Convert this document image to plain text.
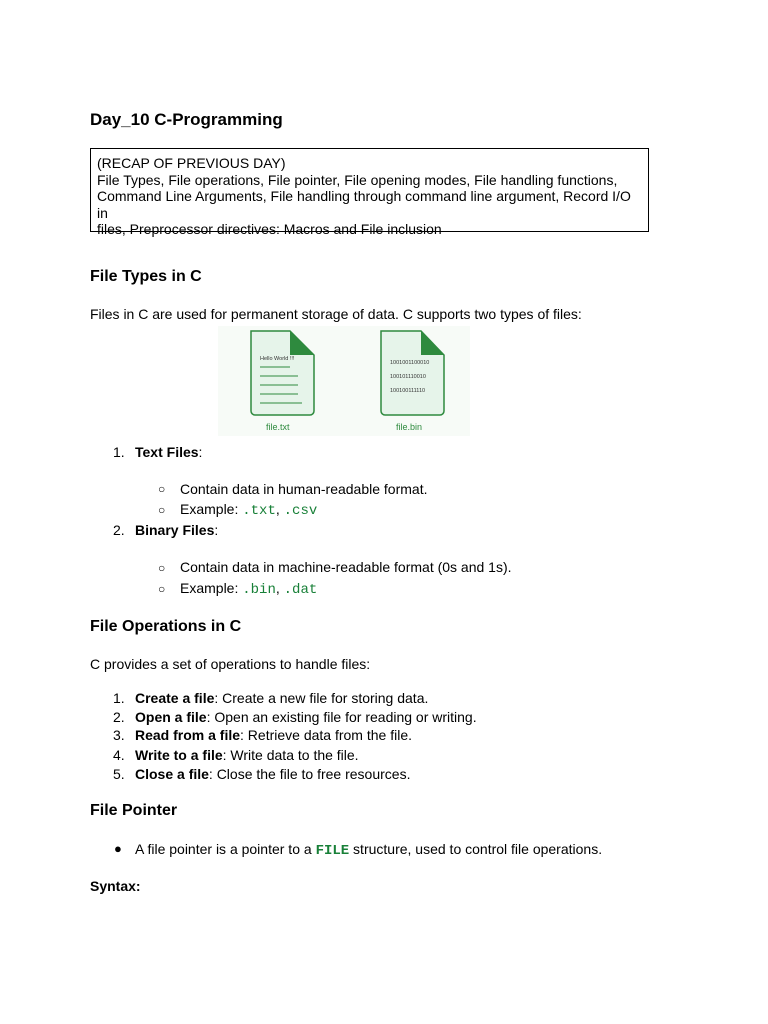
Day_10 C-Programming
(RECAP OF PREVIOUS DAY)
File Types, File operations, File pointer, File opening modes, File handling functions,
Command Line Arguments, File handling through command line argument, Record I/O in
files, Preprocessor directives: Macros and File inclusion
File Types in C
Files in C are used for permanent storage of data. C supports two types of files:
Hello World !!!
file.txt
1001001100010
100101110010
100100111110
file.bin
1. Text Files:
○ Contain data in human-readable format.
○ Example: .txt, .csv
2. Binary Files:
○ Contain data in machine-readable format (0s and 1s).
○ Example: .bin, .dat
File Operations in C
C provides a set of operations to handle files:
1. Create a file: Create a new file for storing data.
2. Open a file: Open an existing file for reading or writing.
3. Read from a file: Retrieve data from the file.
4. Write to a file: Write data to the file.
5. Close a file: Close the file to free resources.
File Pointer
● A file pointer is a pointer to a FILE structure, used to control file operations.
Syntax:
